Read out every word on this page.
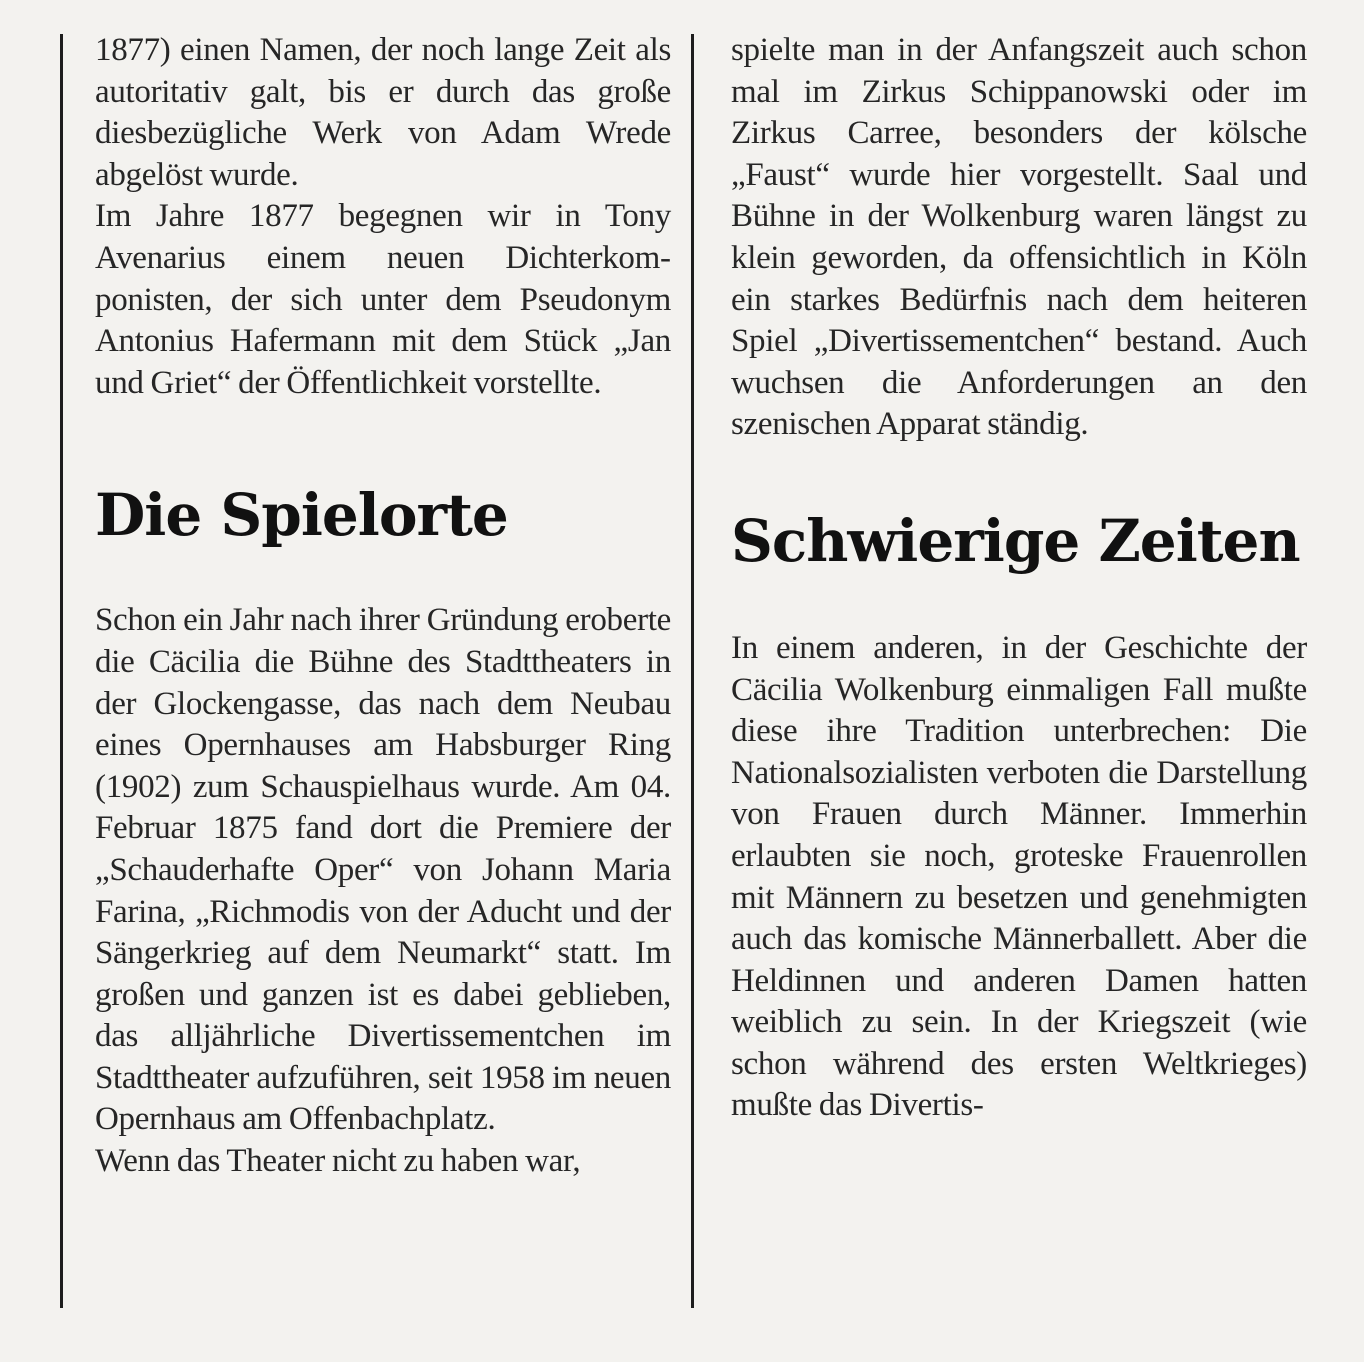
1877) einen Namen, der noch lange Zeit als autoritativ galt, bis er durch das große diesbezügliche Werk von Adam Wrede abgelöst wurde.

Im Jahre 1877 begegnen wir in Tony Avenarius einem neuen Dichterkomponisten, der sich unter dem Pseudonym Antonius Hafermann mit dem Stück „Jan und Griet“ der Öffentlichkeit vorstellte.

Die Spielorte

Schon ein Jahr nach ihrer Gründung eroberte die Cäcilia die Bühne des Stadttheaters in der Glockengasse, das nach dem Neubau eines Opernhauses am Habsburger Ring (1902) zum Schauspielhaus wurde. Am 04. Februar 1875 fand dort die Premiere der „Schauderhafte Oper“ von Johann Maria Farina, „Richmodis von der Aducht und der Sängerkrieg auf dem Neumarkt“ statt. Im großen und ganzen ist es dabei geblieben, das alljährliche Divertissementchen im Stadttheater aufzuführen, seit 1958 im neuen Opernhaus am Offenbachplatz.

Wenn das Theater nicht zu haben war,

spielte man in der Anfangszeit auch schon mal im Zirkus Schippanowski oder im Zirkus Carree, besonders der kölsche „Faust“ wurde hier vorgestellt. Saal und Bühne in der Wolkenburg waren längst zu klein geworden, da offensichtlich in Köln ein starkes Bedürfnis nach dem heiteren Spiel „Divertissementchen“ bestand. Auch wuchsen die Anforderungen an den szenischen Apparat ständig.

Schwierige Zeiten

In einem anderen, in der Geschichte der Cäcilia Wolkenburg einmaligen Fall mußte diese ihre Tradition unterbrechen: Die Nationalsozialisten verboten die Darstellung von Frauen durch Männer. Immerhin erlaubten sie noch, groteske Frauenrollen mit Männern zu besetzen und genehmigten auch das komische Männerballett. Aber die Heldinnen und anderen Damen hatten weiblich zu sein. In der Kriegszeit (wie schon während des ersten Weltkrieges) mußte das Divertis-
